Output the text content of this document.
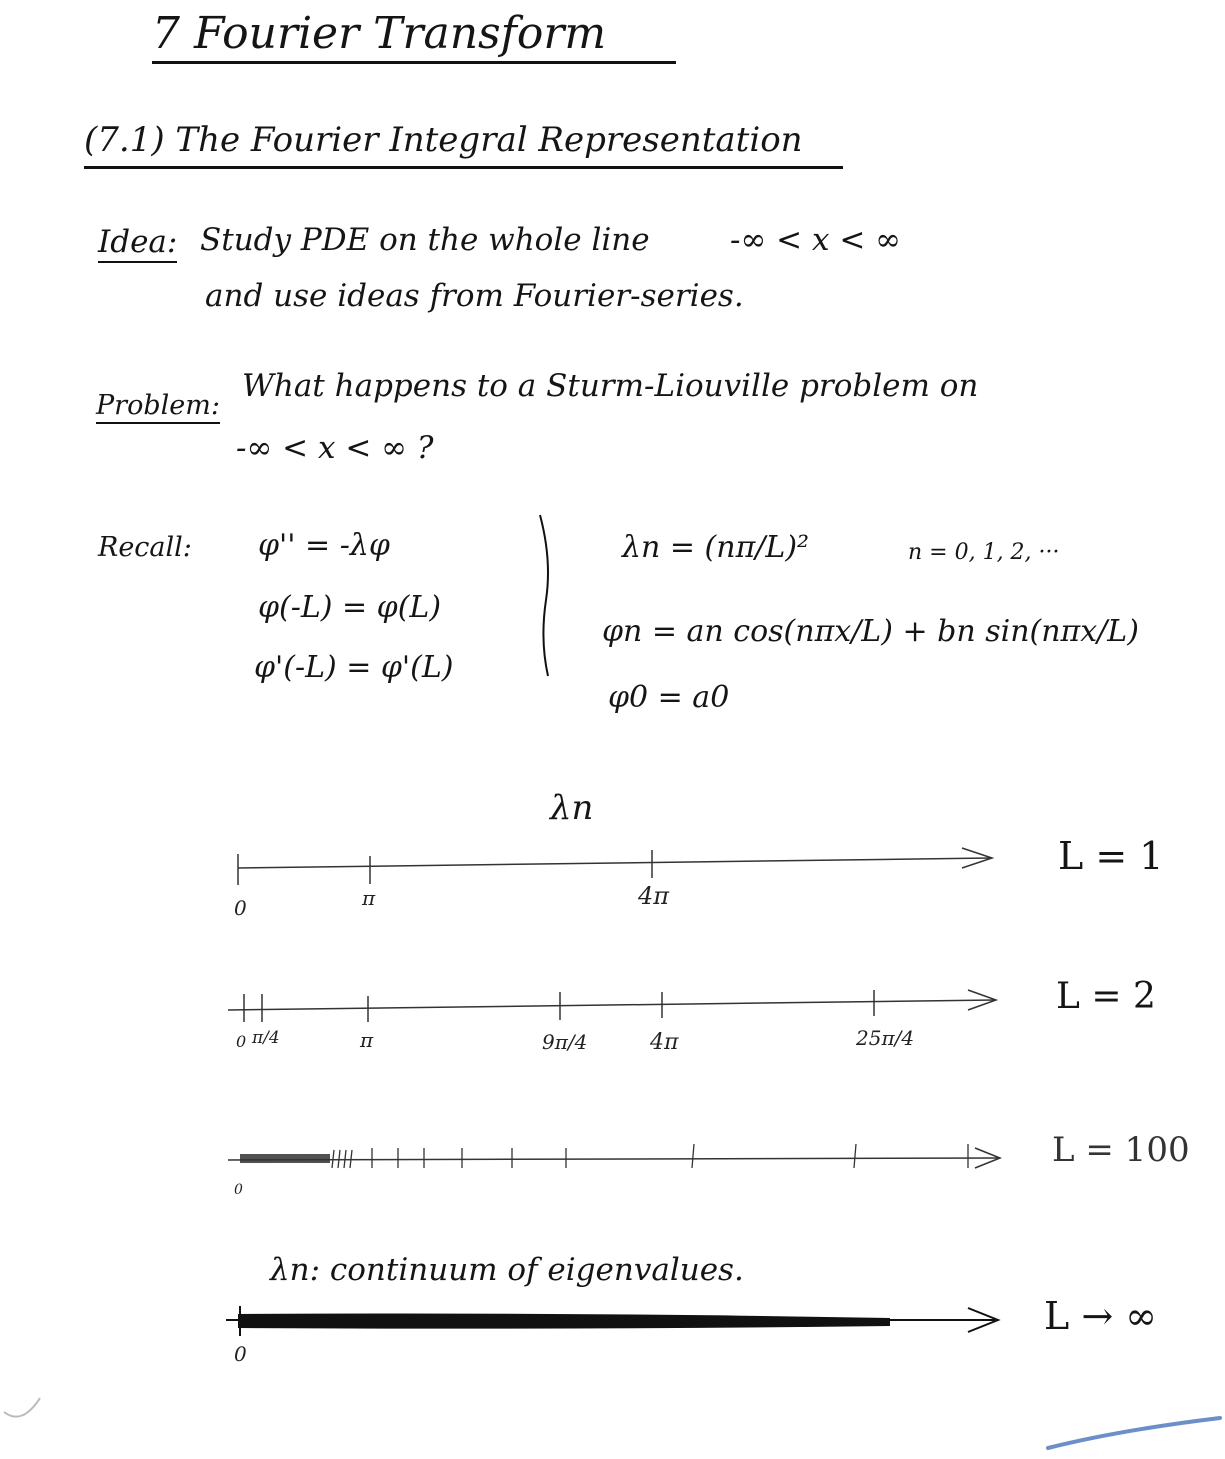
7 Fourier Transform
(7.1) The Fourier Integral Representation
Idea: Study PDE on the whole line	-∞ < x < ∞
and use ideas from Fourier-series.
Problem:
What happens to a Sturm-Liouville problem on
-∞ < x < ∞ ?
Recall: φ'' = -λφ
φ(-L) = φ(L)
φ'(-L) = φ'(L)
λn = (nπ/L)²	n = 0, 1, 2, ···
φn = an cos(nπx/L) + bn sin(nπx/L)
φ0 = a0
λn
0	π	4π
L = 1
0 π/4	π	9π/4	4π	25π/4
L = 2
0
L = 100
λn: continuum of eigenvalues.
0
L → ∞
